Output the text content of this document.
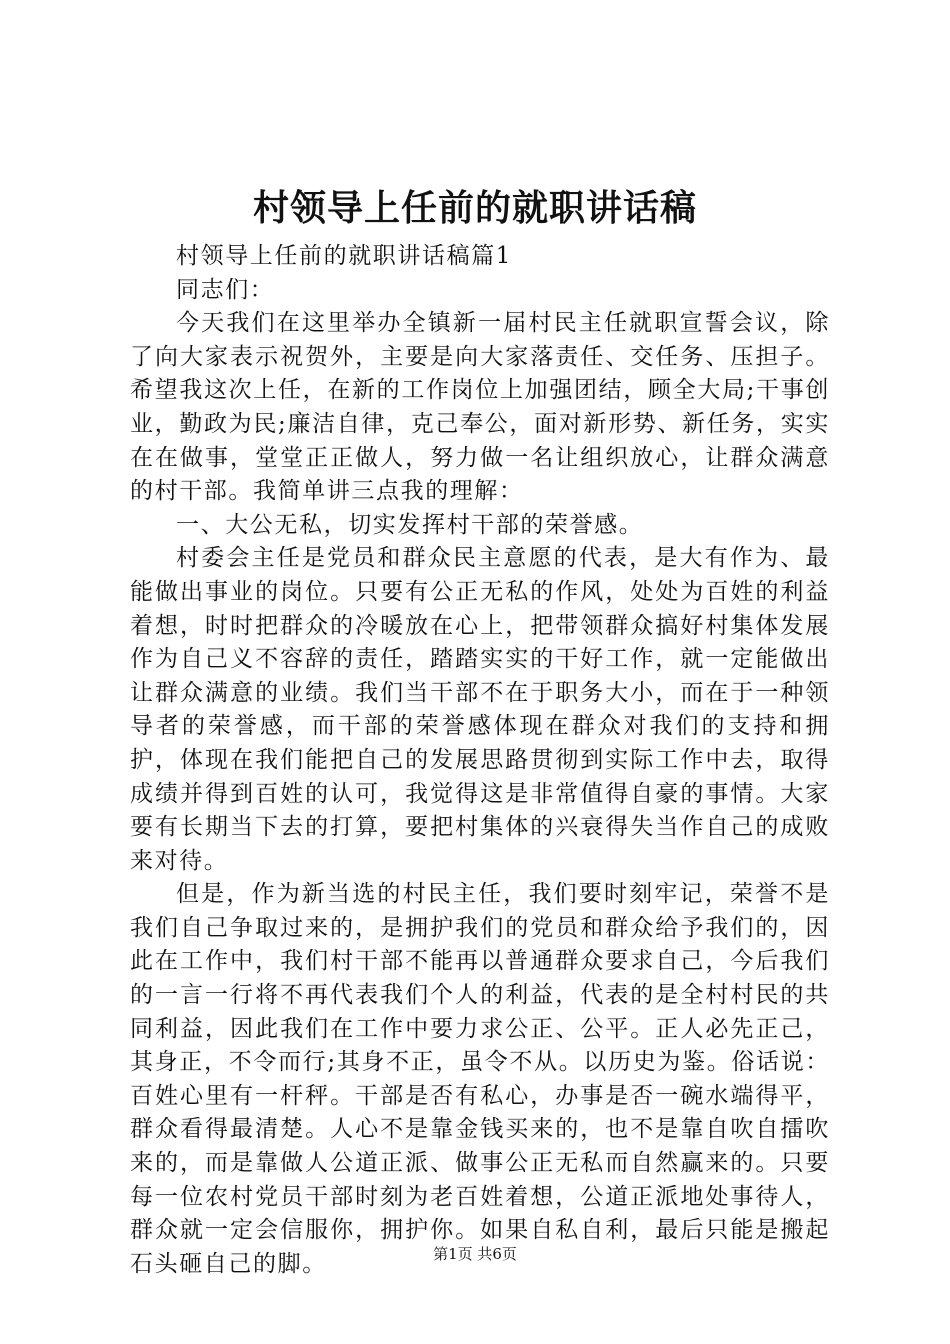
村领导上任前的就职讲话稿

村领导上任前的就职讲话稿篇1

同志们：

今天我们在这里举办全镇新一届村民主任就职宣誓会议，除了向大家表示祝贺外，主要是向大家落责任、交任务、压担子。希望我这次上任，在新的工作岗位上加强团结，顾全大局;干事创业，勤政为民;廉洁自律，克己奉公，面对新形势、新任务，实实在在做事，堂堂正正做人，努力做一名让组织放心，让群众满意的村干部。我简单讲三点我的理解：

一、大公无私，切实发挥村干部的荣誉感。

村委会主任是党员和群众民主意愿的代表，是大有作为、最能做出事业的岗位。只要有公正无私的作风，处处为百姓的利益着想，时时把群众的冷暖放在心上，把带领群众搞好村集体发展作为自己义不容辞的责任，踏踏实实的干好工作，就一定能做出让群众满意的业绩。我们当干部不在于职务大小，而在于一种领导者的荣誉感，而干部的荣誉感体现在群众对我们的支持和拥护，体现在我们能把自己的发展思路贯彻到实际工作中去，取得成绩并得到百姓的认可，我觉得这是非常值得自豪的事情。大家要有长期当下去的打算，要把村集体的兴衰得失当作自己的成败来对待。

但是，作为新当选的村民主任，我们要时刻牢记，荣誉不是我们自己争取过来的，是拥护我们的党员和群众给予我们的，因此在工作中，我们村干部不能再以普通群众要求自己，今后我们的一言一行将不再代表我们个人的利益，代表的是全村村民的共同利益，因此我们在工作中要力求公正、公平。正人必先正己，其身正，不令而行;其身不正，虽令不从。以历史为鉴。俗话说：百姓心里有一杆秤。干部是否有私心，办事是否一碗水端得平，群众看得最清楚。人心不是靠金钱买来的，也不是靠自吹自擂吹来的，而是靠做人公道正派、做事公正无私而自然赢来的。只要每一位农村党员干部时刻为老百姓着想，公道正派地处事待人，群众就一定会信服你，拥护你。如果自私自利，最后只能是搬起石头砸自己的脚。	第1页 共6页
